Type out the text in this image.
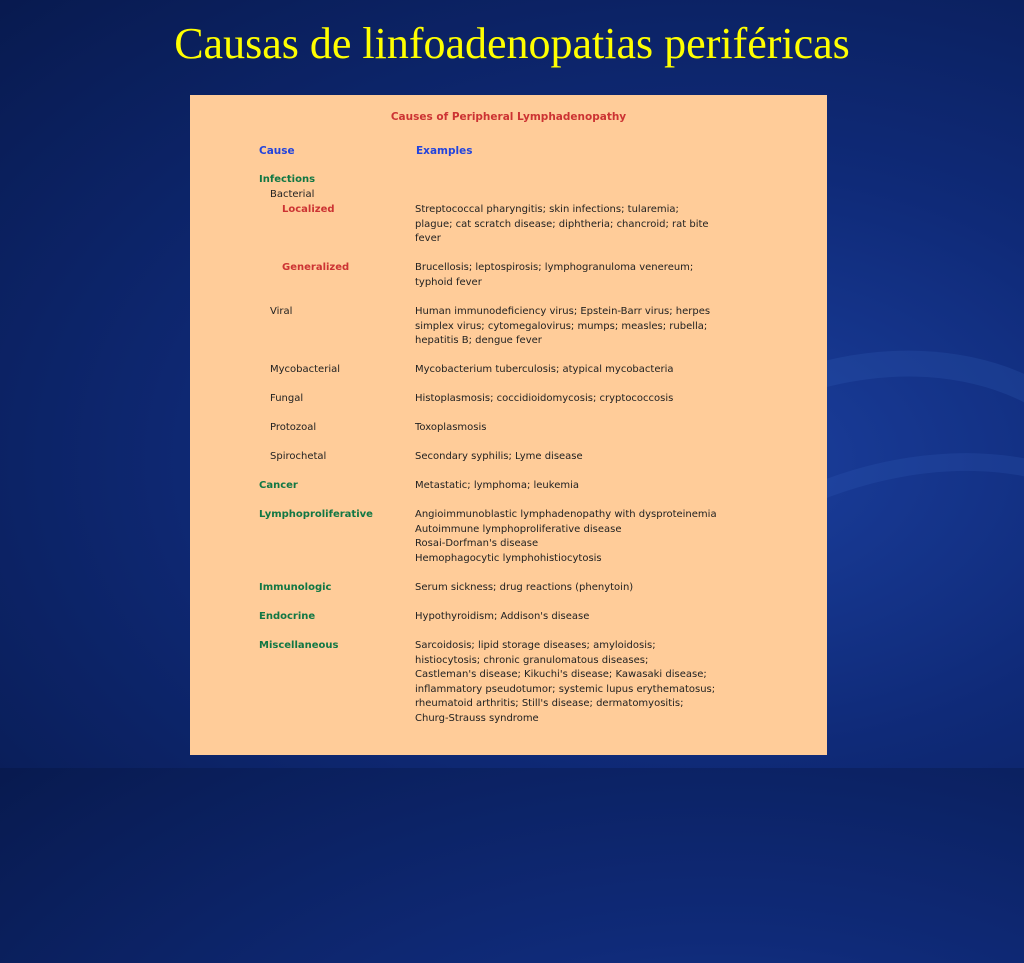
Causas de linfoadenopatias periféricas

Causes of Peripheral Lymphadenopathy

Cause	Examples
Infections
Bacterial
Localized	Streptococcal pharyngitis; skin infections; tularemia;
plague; cat scratch disease; diphtheria; chancroid; rat bite
fever
Generalized	Brucellosis; leptospirosis; lymphogranuloma venereum;
typhoid fever
Viral	Human immunodeficiency virus; Epstein-Barr virus; herpes
simplex virus; cytomegalovirus; mumps; measles; rubella;
hepatitis B; dengue fever
Mycobacterial	Mycobacterium tuberculosis; atypical mycobacteria
Fungal	Histoplasmosis; coccidioidomycosis; cryptococcosis
Protozoal	Toxoplasmosis
Spirochetal	Secondary syphilis; Lyme disease
Cancer	Metastatic; lymphoma; leukemia
Lymphoproliferative	Angioimmunoblastic lymphadenopathy with dysproteinemia
Autoimmune lymphoproliferative disease
Rosai-Dorfman's disease
Hemophagocytic lymphohistiocytosis
Immunologic	Serum sickness; drug reactions (phenytoin)
Endocrine	Hypothyroidism; Addison's disease
Miscellaneous	Sarcoidosis; lipid storage diseases; amyloidosis;
histiocytosis; chronic granulomatous diseases;
Castleman's disease; Kikuchi's disease; Kawasaki disease;
inflammatory pseudotumor; systemic lupus erythematosus;
rheumatoid arthritis; Still's disease; dermatomyositis;
Churg-Strauss syndrome
